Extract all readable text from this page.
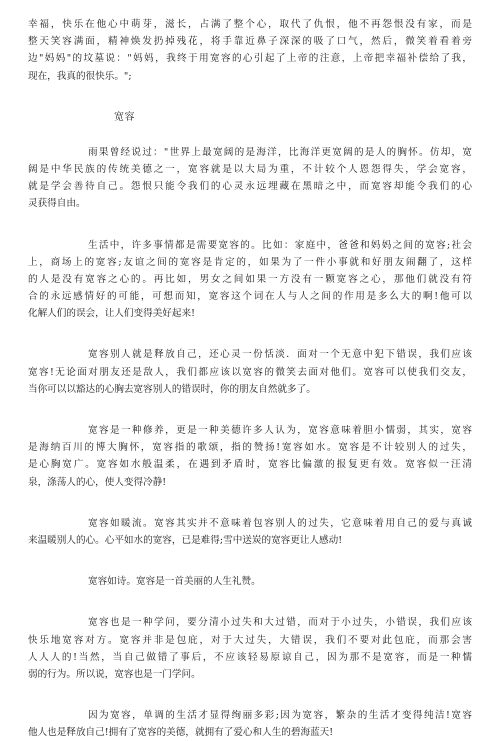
幸福，快乐在他心中萌芽，滋长，占满了整个心，取代了仇恨，他不再怨恨没有家，而是
整天笑容满面，精神焕发扔掉残花，将手靠近鼻子深深的吸了口气，然后，微笑着看着旁
边"妈妈"的坟墓说："妈妈，我终于用宽容的心引起了上帝的注意，上帝把幸福补偿给了我，
现在，我真的很快乐。";
宽容
雨果曾经说过："世界上最宽阔的是海洋，比海洋更宽阔的是人的胸怀。仿却，宽
阔是中华民族的传统美德之一，宽容就是以大局为重，不计较个人恩怨得失，学会宽容，
就是学会善待自己。怨恨只能令我们的心灵永远埋藏在黑暗之中，而宽容却能令我们的心
灵获得自由。
生活中，许多事情都是需要宽容的。比如：家庭中，爸爸和妈妈之间的宽容;社会
上，商场上的宽容;友谊之间的宽容是肯定的，如果为了一件小事就和好朋友闹翻了，这样
的人是没有宽容之心的。再比如，男女之间如果一方没有一颗宽容之心，那他们就没有符
合的永远感情好的可能，可想而知，宽容这个词在人与人之间的作用是多么大的啊!他可以
化解人们的误会，让人们变得美好起来!
宽容别人就是释放自己，还心灵一份恬淡．面对一个无意中犯下错误，我们应该
宽容!无论面对朋友还是敌人，我们都应该以宽容的微笑去面对他们。宽容可以使我们交友，
当你可以以豁达的心胸去宽容别人的错误时，你的朋友自然就多了。
宽容是一种修养，更是一种美德许多人认为，宽容意味着胆小懦弱，其实，宽容
是海纳百川的博大胸怀，宽容指的歌颂，指的赞扬!宽容如水。宽容是不计较别人的过失，
是心胸宽广。宽容如水般温柔，在遇到矛盾时，宽容比偏激的报复更有效。宽容似一汪清
泉，涤荡人的心，使人变得冷静!
宽容如暖流。宽容其实并不意味着包容别人的过失，它意味着用自己的爱与真诚
来温暖别人的心。心平如水的宽容，已是难得;雪中送炭的宽容更让人感动!
宽容如诗。宽容是一首美丽的人生礼赞。
宽容也是一种学问，要分清小过失和大过错，而对于小过失，小错误，我们应该
快乐地宽容对方。宽容并非是包庇，对于大过失，大错误，我们不要对此包庇，而那会害
人人人的!当然，当自己做错了事后，不应该轻易原谅自己，因为那不是宽容，而是一种懦
弱的行为。所以说，宽容也是一门学问。
因为宽容，单调的生活才显得绚丽多彩;因为宽容，繁杂的生活才变得纯洁!宽容
他人也是释放自己!拥有了宽容的美德，就拥有了爱心和人生的碧海蓝天!
